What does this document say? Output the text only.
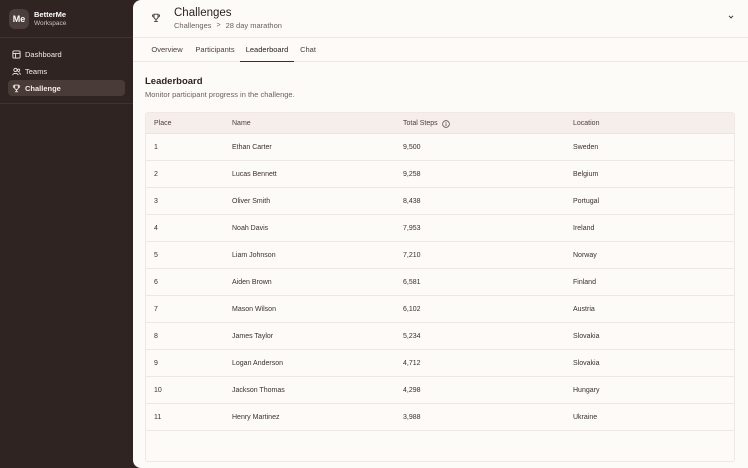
Me	BetterMe
Workspace
Dashboard
Teams
Challenge
Challenges
Challenges > 28 day marathon
Overview Participants	Leaderboard	Chat
Leaderboard

Monitor participant progress in the challenge.

Place	Name	Total Steps	Location
1	Ethan Carter	9,500	Sweden
2	Lucas Bennett	9,258	Belgium
3	Oliver Smith	8,438	Portugal
4	Noah Davis	7,953	Ireland
5	Liam Johnson	7,210	Norway
6	Aiden Brown	6,581	Finland
7	Mason Wilson	6,102	Austria
8	James Taylor	5,234	Slovakia
9	Logan Anderson	4,712	Slovakia
10	Jackson Thomas	4,298	Hungary
11	Henry Martinez	3,988	Ukraine
